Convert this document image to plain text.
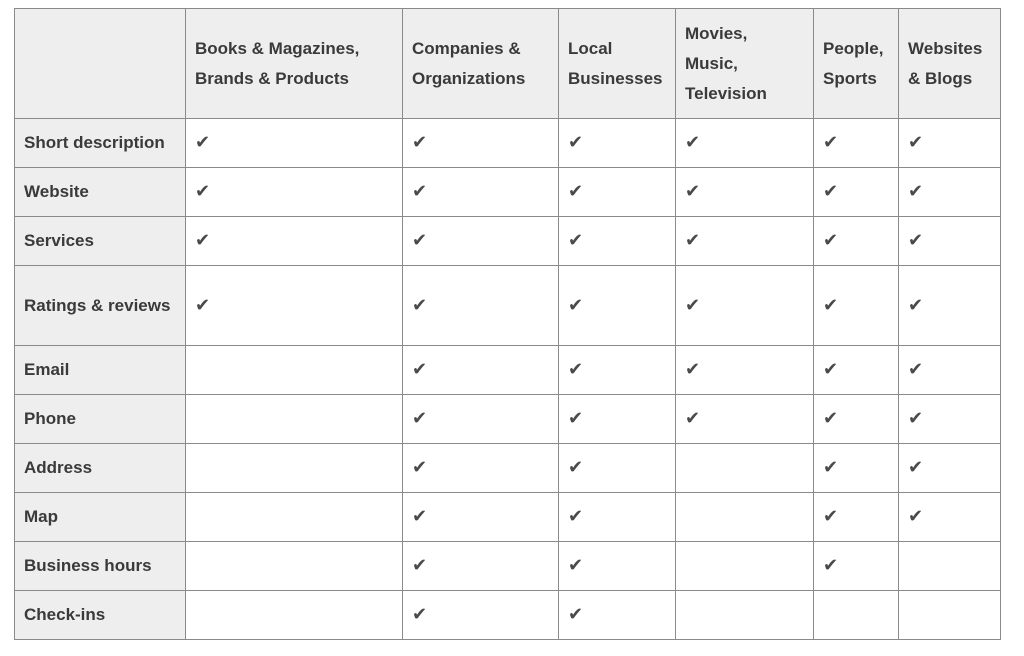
	Books & Magazines, Brands & Products	Companies & Organizations	Local Businesses	Movies, Music, Television	People, Sports	Websites & Blogs
Short description	✔	✔	✔	✔	✔	✔
Website	✔	✔	✔	✔	✔	✔
Services	✔	✔	✔	✔	✔	✔
Ratings & reviews	✔	✔	✔	✔	✔	✔
Email		✔	✔	✔	✔	✔
Phone		✔	✔	✔	✔	✔
Address		✔	✔		✔	✔
Map		✔	✔		✔	✔
Business hours		✔	✔		✔	
Check-ins		✔	✔			
